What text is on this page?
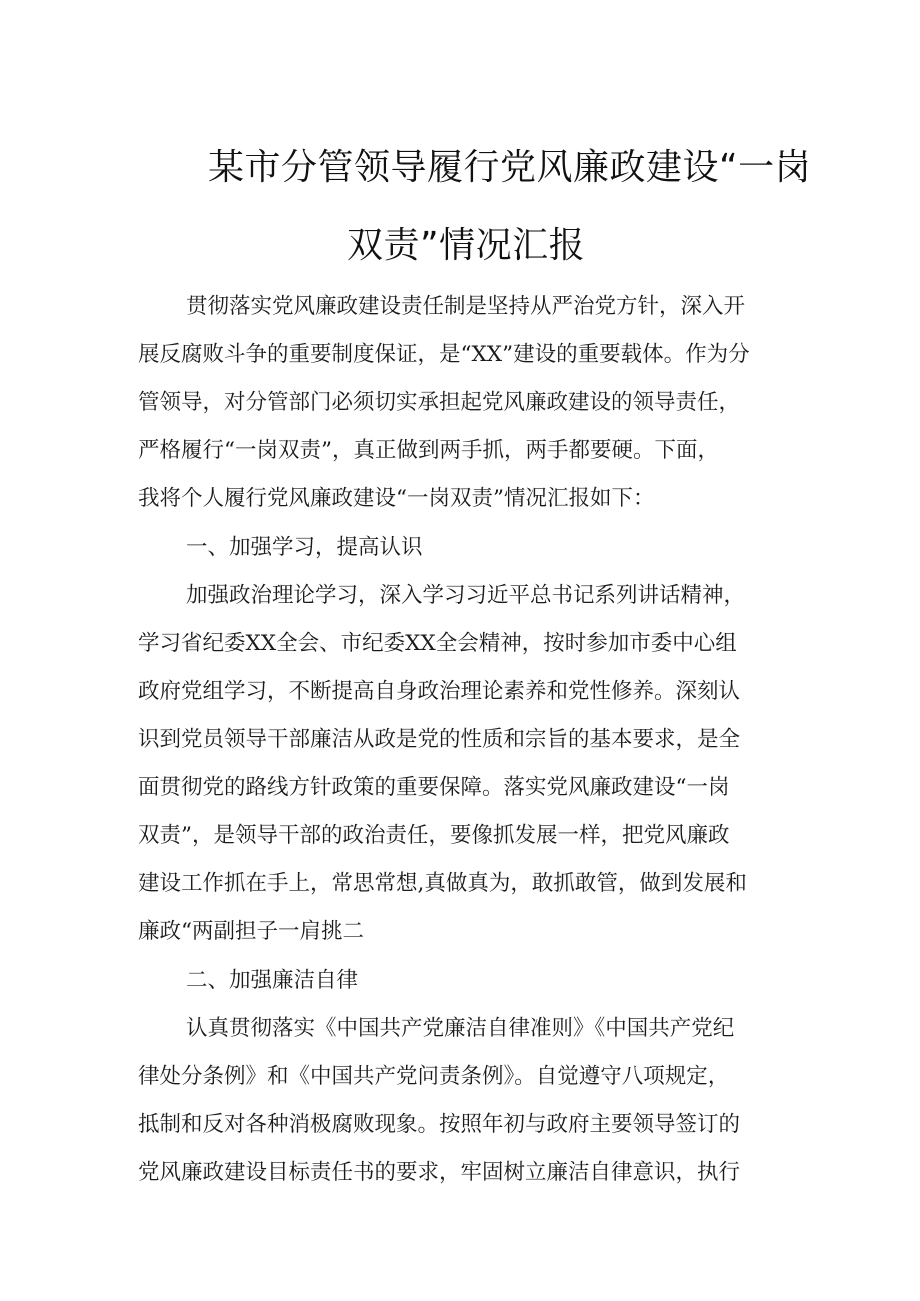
某市分管领导履行党风廉政建设“一岗
双责”情况汇报
贯彻落实党风廉政建设责任制是坚持从严治党方针，深入开
展反腐败斗争的重要制度保证，是“XX”建设的重要载体。作为分
管领导，对分管部门必须切实承担起党风廉政建设的领导责任，
严格履行“一岗双责”，真正做到两手抓，两手都要硬。下面，
我将个人履行党风廉政建设“一岗双责”情况汇报如下：
一、加强学习，提高认识
加强政治理论学习，深入学习习近平总书记系列讲话精神，
学习省纪委XX全会、市纪委XX全会精神，按时参加市委中心组
政府党组学习，不断提高自身政治理论素养和党性修养。深刻认
识到党员领导干部廉洁从政是党的性质和宗旨的基本要求，是全
面贯彻党的路线方针政策的重要保障。落实党风廉政建设“一岗
双责”，是领导干部的政治责任，要像抓发展一样，把党风廉政
建设工作抓在手上，常思常想,真做真为，敢抓敢管，做到发展和
廉政“两副担子一肩挑二
二、加强廉洁自律
认真贯彻落实《中国共产党廉洁自律准则》《中国共产党纪
律处分条例》和《中国共产党问责条例》。自觉遵守八项规定，
抵制和反对各种消极腐败现象。按照年初与政府主要领导签订的
党风廉政建设目标责任书的要求，牢固树立廉洁自律意识，执行
